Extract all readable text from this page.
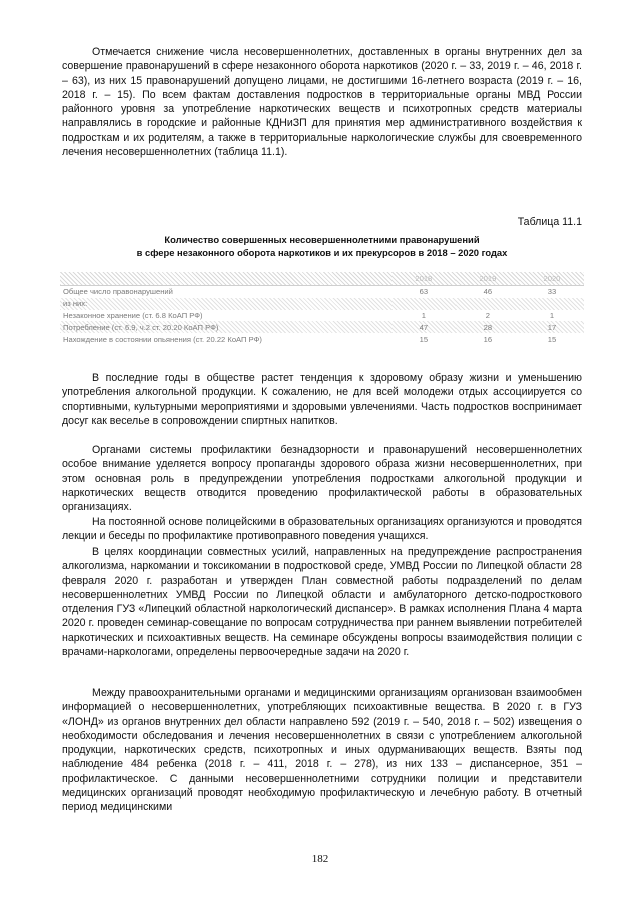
Отмечается снижение числа несовершеннолетних, доставленных в органы внутренних дел за совершение правонарушений в сфере незаконного оборота наркотиков (2020 г. – 33, 2019 г. – 46, 2018 г. – 63), из них 15 правонарушений допущено лицами, не достигшими 16-летнего возраста (2019 г. – 16, 2018 г. – 15). По всем фактам доставления подростков в территориальные органы МВД России районного уровня за употребление наркотических веществ и психотропных средств материалы направлялись в городские и районные КДНиЗП для принятия мер административного воздействия к подросткам и их родителям, а также в территориальные наркологические службы для своевременного лечения несовершеннолетних (таблица 11.1).

Таблица 11.1
Количество совершенных несовершеннолетними правонарушений
в сфере незаконного оборота наркотиков и их прекурсоров в 2018 – 2020 годах
	2018	2019	2020
Общее число правонарушений	63	46	33
из них:			
Незаконное хранение (ст. 6.8 КоАП РФ)	1	2	1
Потребление (ст. 6.9, ч.2 ст. 20.20 КоАП РФ)	47	28	17
Нахождение в состоянии опьянения (ст. 20.22 КоАП РФ)	15	16	15

В последние годы в обществе растет тенденция к здоровому образу жизни и уменьшению употребления алкогольной продукции. К сожалению, не для всей молодежи отдых ассоциируется со спортивными, культурными мероприятиями и здоровыми увлечениями. Часть подростков воспринимает досуг как веселье в сопровождении спиртных напитков.

Органами системы профилактики безнадзорности и правонарушений несовершеннолетних особое внимание уделяется вопросу пропаганды здорового образа жизни несовершеннолетних, при этом основная роль в предупреждении употребления подростками алкогольной продукции и наркотических веществ отводится проведению профилактической работы в образовательных организациях.

На постоянной основе полицейскими в образовательных организациях организуются и проводятся лекции и беседы по профилактике противоправного поведения учащихся.

В целях координации совместных усилий, направленных на предупреждение распространения алкоголизма, наркомании и токсикомании в подростковой среде, УМВД России по Липецкой области 28 февраля 2020 г. разработан и утвержден План совместной работы подразделений по делам несовершеннолетних УМВД России по Липецкой области и амбулаторного детско-подросткового отделения ГУЗ «Липецкий областной наркологический диспансер». В рамках исполнения Плана 4 марта 2020 г. проведен семинар-совещание по вопросам сотрудничества при раннем выявлении потребителей наркотических и психоактивных веществ. На семинаре обсуждены вопросы взаимодействия полиции с врачами-наркологами, определены первоочередные задачи на 2020 г.

Между правоохранительными органами и медицинскими организациям организован взаимообмен информацией о несовершеннолетних, употребляющих психоактивные вещества. В 2020 г. в ГУЗ «ЛОНД» из органов внутренних дел области направлено 592 (2019 г. – 540, 2018 г. – 502) извещения о необходимости обследования и лечения несовершеннолетних в связи с употреблением алкогольной продукции, наркотических средств, психотропных и иных одурманивающих веществ. Взяты под наблюдение 484 ребенка (2018 г. – 411, 2018 г. – 278), из них 133 – диспансерное, 351 – профилактическое. С данными несовершеннолетними сотрудники полиции и представители медицинских организаций проводят необходимую профилактическую и лечебную работу. В отчетный период медицинскими

182
